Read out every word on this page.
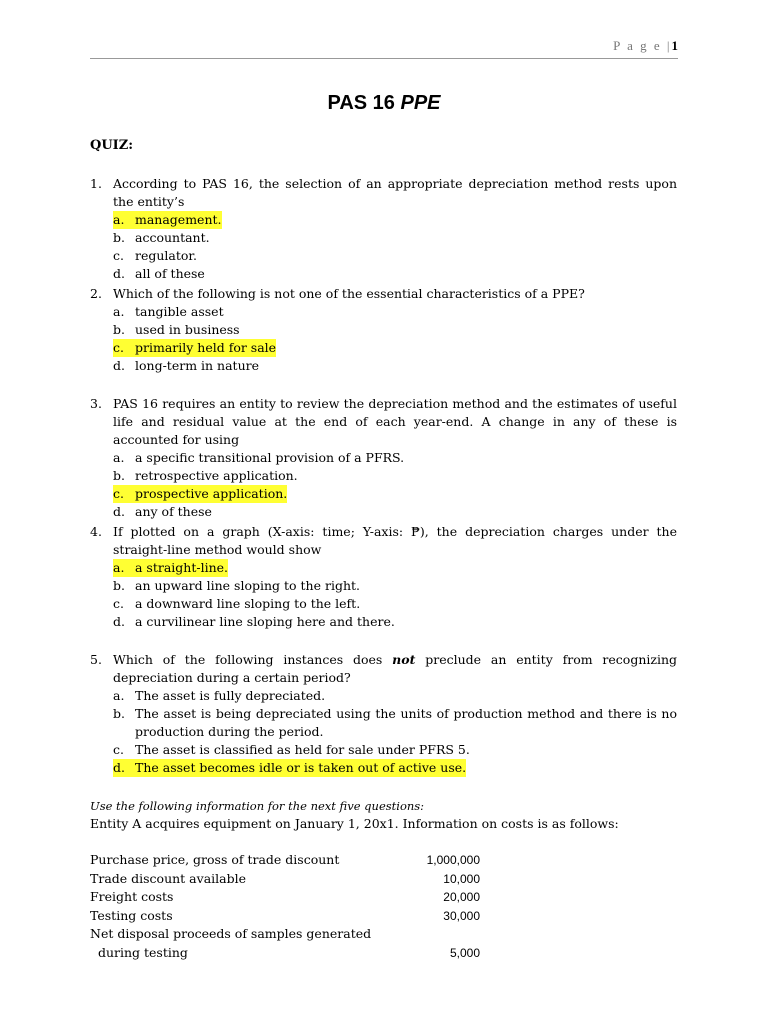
P a g e |1
PAS 16 PPE
QUIZ:
1. According to PAS 16, the selection of an appropriate depreciation method rests upon the entity’s
a. management.
b. accountant.
c. regulator.
d. all of these
2. Which of the following is not one of the essential characteristics of a PPE?
a. tangible asset
b. used in business
c. primarily held for sale
d. long-term in nature
3. PAS 16 requires an entity to review the depreciation method and the estimates of useful life and residual value at the end of each year-end. A change in any of these is accounted for using
a. a specific transitional provision of a PFRS.
b. retrospective application.
c. prospective application.
d. any of these
4. If plotted on a graph (X-axis: time; Y-axis: ₱), the depreciation charges under the straight-line method would show
a. a straight-line.
b. an upward line sloping to the right.
c. a downward line sloping to the left.
d. a curvilinear line sloping here and there.
5. Which of the following instances does not preclude an entity from recognizing depreciation during a certain period?
a. The asset is fully depreciated.
b. The asset is being depreciated using the units of production method and there is no production during the period.
c. The asset is classified as held for sale under PFRS 5.
d. The asset becomes idle or is taken out of active use.
Use the following information for the next five questions:
Entity A acquires equipment on January 1, 20x1. Information on costs is as follows:
Purchase price, gross of trade discount	1,000,000
Trade discount available	10,000
Freight costs	20,000
Testing costs	30,000
Net disposal proceeds of samples generated
during testing	5,000
